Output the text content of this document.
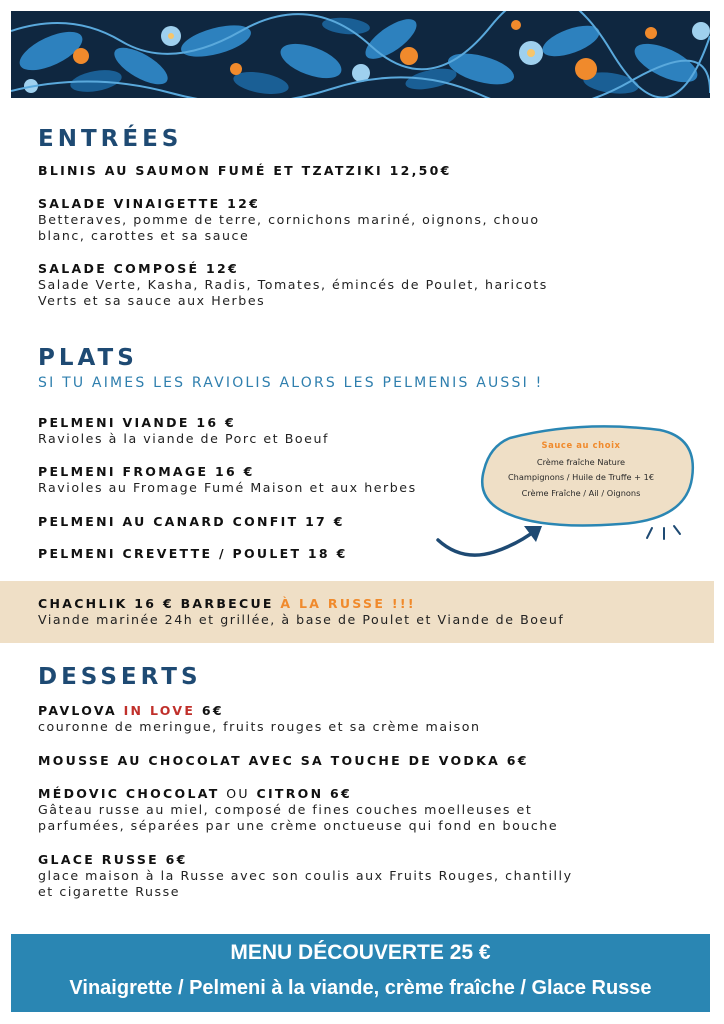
ENTRÉES
BLINIS AU SAUMON FUMÉ ET TZATZIKI 12,50€
SALADE VINAIGETTE 12€
Betteraves, pomme de terre, cornichons mariné, oignons, chouo
blanc, carottes et sa sauce
SALADE COMPOSÉ 12€
Salade Verte, Kasha, Radis, Tomates, émincés de Poulet, haricots
Verts et sa sauce aux Herbes
PLATS
SI TU AIMES LES RAVIOLIS ALORS LES PELMENIS AUSSI !
PELMENI VIANDE 16 €
Ravioles à la viande de Porc et Boeuf
PELMENI FROMAGE 16 €
Ravioles au Fromage Fumé Maison et aux herbes
PELMENI AU CANARD CONFIT 17 €
PELMENI CREVETTE / POULET 18 €
Sauce au choix
Crème fraîche Nature
Champignons / Huile de Truffe + 1€
Crème Fraîche / Ail / Oignons
CHACHLIK 16 € BARBECUE À LA RUSSE !!!
Viande marinée 24h et grillée, à base de Poulet et Viande de Boeuf
DESSERTS
PAVLOVA IN LOVE 6€
couronne de meringue, fruits rouges et sa crème maison
MOUSSE AU CHOCOLAT AVEC SA TOUCHE DE VODKA 6€
MÉDOVIC CHOCOLAT OU CITRON 6€
Gâteau russe au miel, composé de fines couches moelleuses et
parfumées, séparées par une crème onctueuse qui fond en bouche
GLACE RUSSE 6€
glace maison à la Russe avec son coulis aux Fruits Rouges, chantilly
et cigarette Russe
MENU DÉCOUVERTE 25 €
Vinaigrette / Pelmeni à la viande, crème fraîche / Glace Russe
